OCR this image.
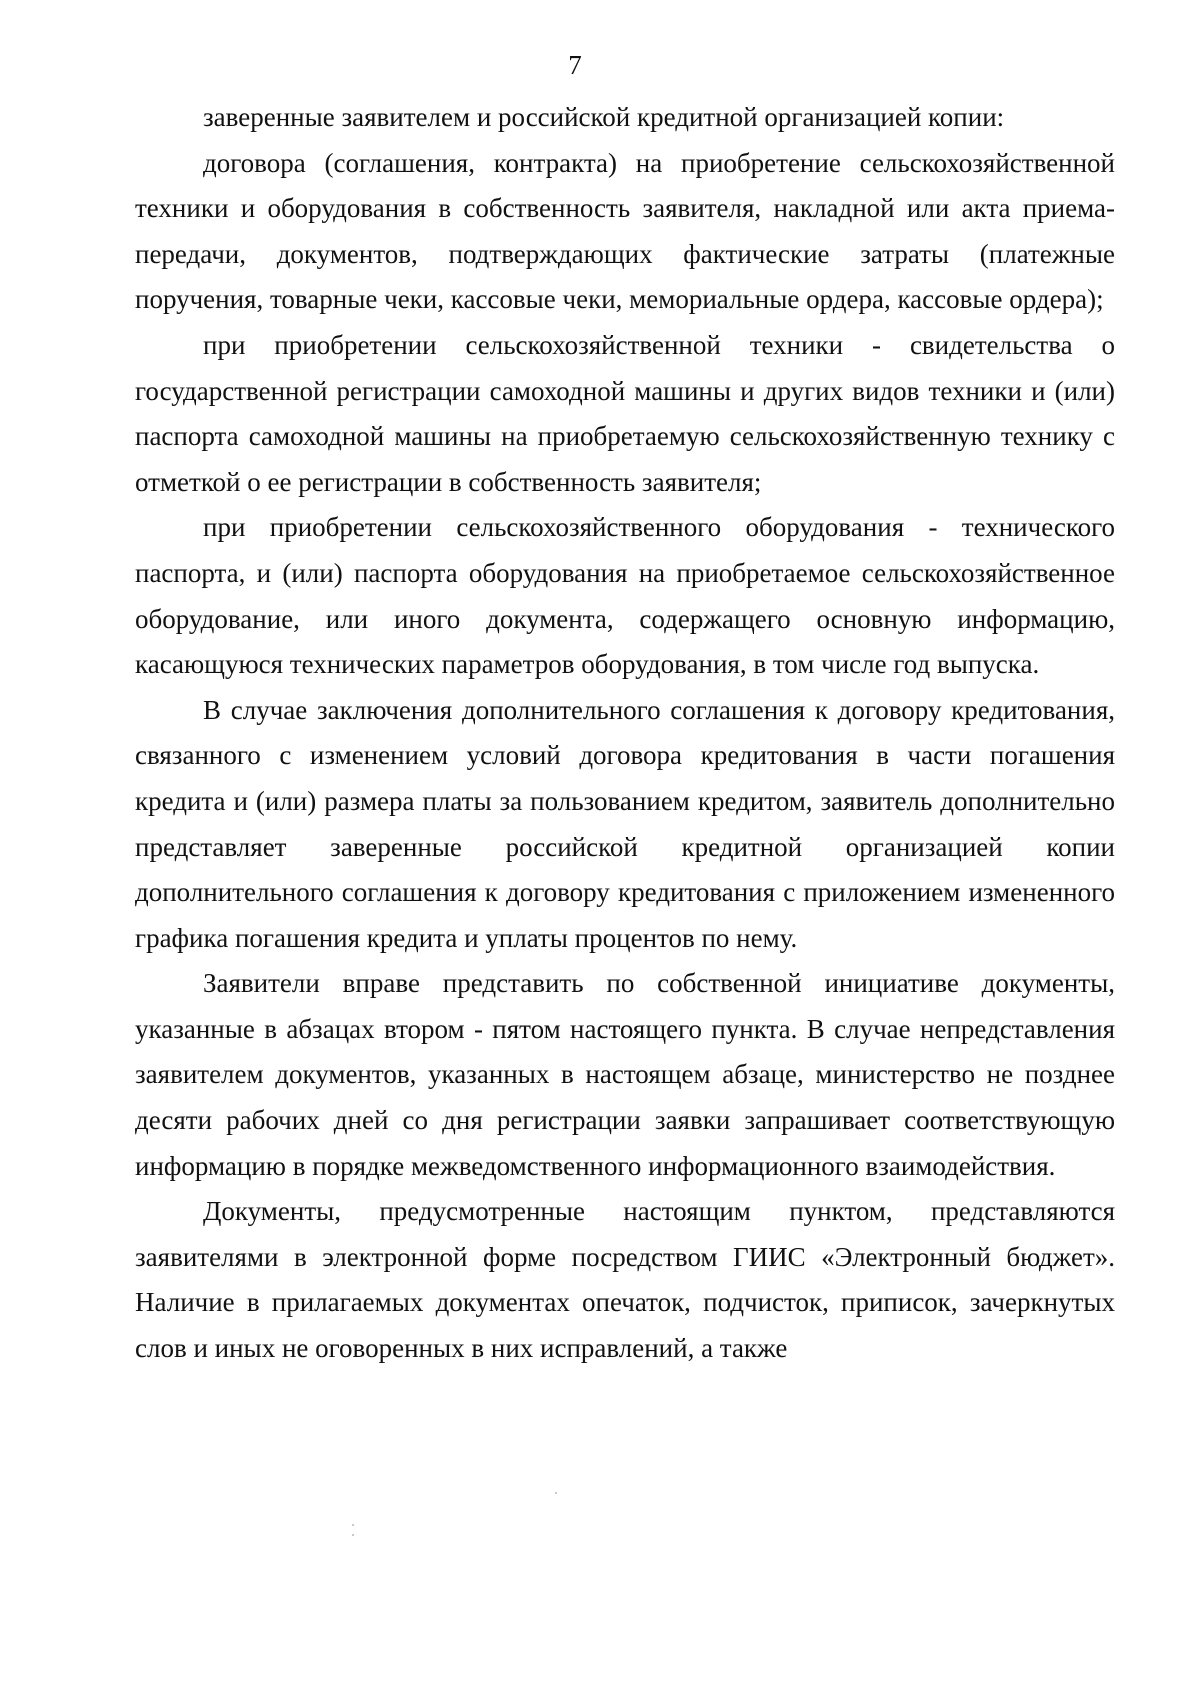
7

заверенные заявителем и российской кредитной организацией копии:

договора (соглашения, контракта) на приобретение сельскохозяйственной техники и оборудования в собственность заявителя, накладной или акта приема-передачи, документов, подтверждающих фактические затраты (платежные поручения, товарные чеки, кассовые чеки, мемориальные ордера, кассовые ордера);

при приобретении сельскохозяйственной техники - свидетельства о государственной регистрации самоходной машины и других видов техники и (или) паспорта самоходной машины на приобретаемую сельскохозяйственную технику с отметкой о ее регистрации в собственность заявителя;

при приобретении сельскохозяйственного оборудования - технического паспорта, и (или) паспорта оборудования на приобретаемое сельскохозяйственное оборудование, или иного документа, содержащего основную информацию, касающуюся технических параметров оборудования, в том числе год выпуска.

В случае заключения дополнительного соглашения к договору кредитования, связанного с изменением условий договора кредитования в части погашения кредита и (или) размера платы за пользованием кредитом, заявитель дополнительно представляет заверенные российской кредитной организацией копии дополнительного соглашения к договору кредитования с приложением измененного графика погашения кредита и уплаты процентов по нему.

Заявители вправе представить по собственной инициативе документы, указанные в абзацах втором - пятом настоящего пункта. В случае непредставления заявителем документов, указанных в настоящем абзаце, министерство не позднее десяти рабочих дней со дня регистрации заявки запрашивает соответствующую информацию в порядке межведомственного информационного взаимодействия.

Документы, предусмотренные настоящим пунктом, представляются заявителями в электронной форме посредством ГИИС «Электронный бюджет». Наличие в прилагаемых документах опечаток, подчисток, приписок, зачеркнутых слов и иных не оговоренных в них исправлений, а также
